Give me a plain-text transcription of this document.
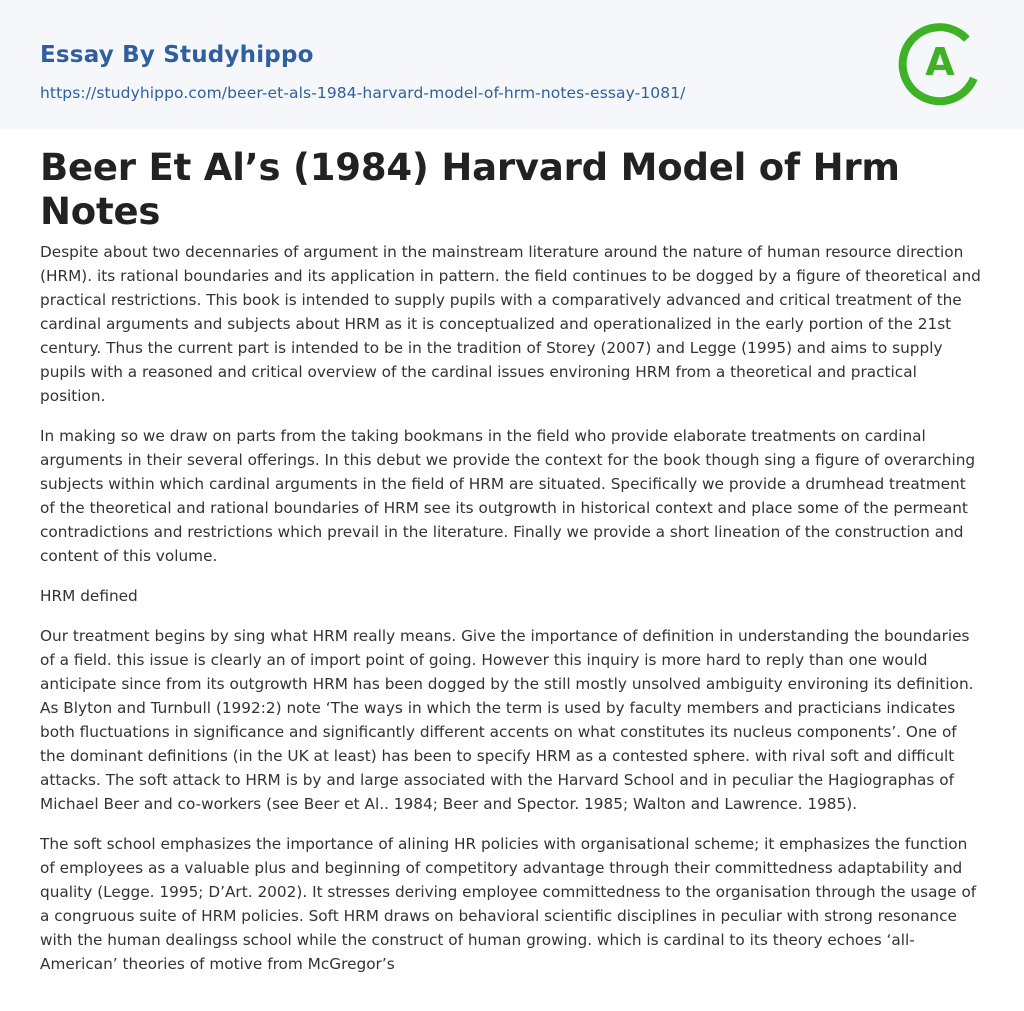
Essay By Studyhippo
https://studyhippo.com/beer-et-als-1984-harvard-model-of-hrm-notes-essay-1081/
A
Beer Et Al’s (1984) Harvard Model of Hrm Notes

Despite about two decennaries of argument in the mainstream literature around the nature of human resource direction (HRM). its rational boundaries and its application in pattern. the field continues to be dogged by a figure of theoretical and practical restrictions. This book is intended to supply pupils with a comparatively advanced and critical treatment of the cardinal arguments and subjects about HRM as it is conceptualized and operationalized in the early portion of the 21st century. Thus the current part is intended to be in the tradition of Storey (2007) and Legge (1995) and aims to supply pupils with a reasoned and critical overview of the cardinal issues environing HRM from a theoretical and practical position.

In making so we draw on parts from the taking bookmans in the field who provide elaborate treatments on cardinal arguments in their several offerings. In this debut we provide the context for the book though sing a figure of overarching subjects within which cardinal arguments in the field of HRM are situated. Specifically we provide a drumhead treatment of the theoretical and rational boundaries of HRM see its outgrowth in historical context and place some of the permeant contradictions and restrictions which prevail in the literature. Finally we provide a short lineation of the construction and content of this volume.

HRM defined

Our treatment begins by sing what HRM really means. Give the importance of definition in understanding the boundaries of a field. this issue is clearly an of import point of going. However this inquiry is more hard to reply than one would anticipate since from its outgrowth HRM has been dogged by the still mostly unsolved ambiguity environing its definition. As Blyton and Turnbull (1992:2) note ‘The ways in which the term is used by faculty members and practicians indicates both fluctuations in significance and significantly different accents on what constitutes its nucleus components’. One of the dominant definitions (in the UK at least) has been to specify HRM as a contested sphere. with rival soft and difficult attacks. The soft attack to HRM is by and large associated with the Harvard School and in peculiar the Hagiographas of Michael Beer and co-workers (see Beer et Al.. 1984; Beer and Spector. 1985; Walton and Lawrence. 1985).

The soft school emphasizes the importance of alining HR policies with organisational scheme; it emphasizes the function of employees as a valuable plus and beginning of competitory advantage through their committedness adaptability and quality (Legge. 1995; D’Art. 2002). It stresses deriving employee committedness to the organisation through the usage of a congruous suite of HRM policies. Soft HRM draws on behavioral scientific disciplines in peculiar with strong resonance with the human dealingss school while the construct of human growing. which is cardinal to its theory echoes ‘all-American’ theories of motive from McGregor’s
